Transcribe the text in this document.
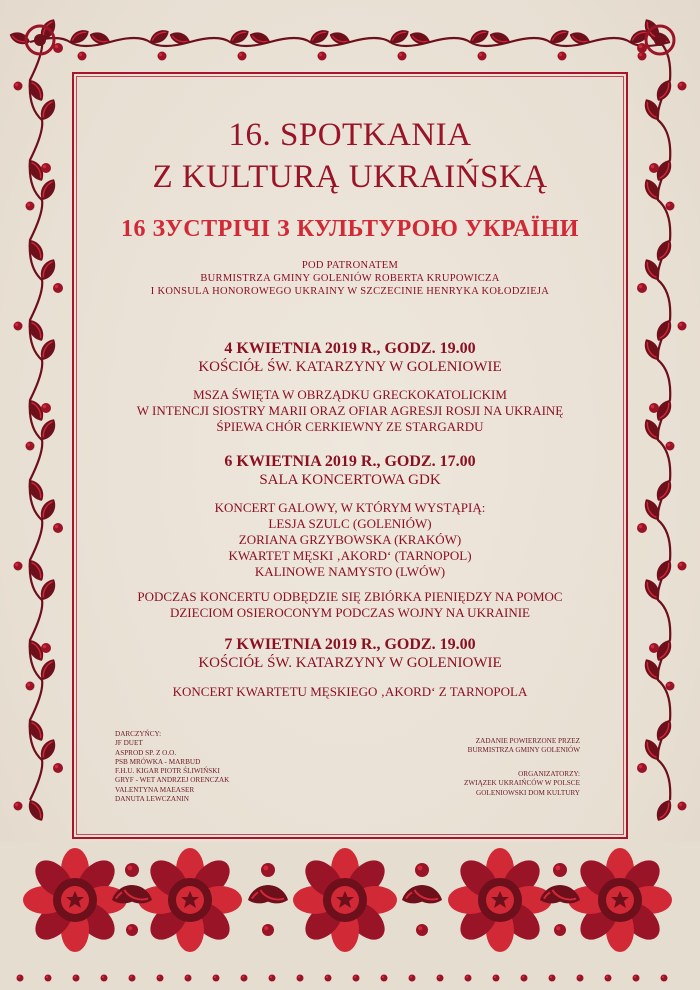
16. SPOTKANIA
Z KULTURĄ UKRAIŃSKĄ
16 ЗУСТРІЧІ З КУЛЬТУРОЮ УКРАЇНИ
POD PATRONATEM
BURMISTRZA GMINY GOLENIÓW ROBERTA KRUPOWICZA
I KONSULA HONOROWEGO UKRAINY W SZCZECINIE HENRYKA KOŁODZIEJA
4 KWIETNIA 2019 R., GODZ. 19.00
KOŚCIÓŁ ŚW. KATARZYNY W GOLENIOWIE
MSZA ŚWIĘTA W OBRZĄDKU GRECKOKATOLICKIM
W INTENCJI SIOSTRY MARII ORAZ OFIAR AGRESJI ROSJI NA UKRAINĘ
ŚPIEWA CHÓR CERKIEWNY ZE STARGARDU
6 KWIETNIA 2019 R., GODZ. 17.00
SALA KONCERTOWA GDK
KONCERT GALOWY, W KTÓRYM WYSTĄPIĄ:
LESJA SZULC (GOLENIÓW)
ZORIANA GRZYBOWSKA (KRAKÓW)
KWARTET MĘSKI ‚AKORD‘ (TARNOPOL)
KALINOWE NAMYSTO (LWÓW)
PODCZAS KONCERTU ODBĘDZIE SIĘ ZBIÓRKA PIENIĘDZY NA POMOC
DZIECIOM OSIEROCONYM PODCZAS WOJNY NA UKRAINIE
7 KWIETNIA 2019 R., GODZ. 19.00
KOŚCIÓŁ ŚW. KATARZYNY W GOLENIOWIE
KONCERT KWARTETU MĘSKIEGO ‚AKORD‘ Z TARNOPOLA
DARCZYŃCY:
JF DUET
ASPROD SP. Z O.O.
PSB MRÓWKA - MARBUD
F.H.U. KIGAR PIOTR ŚLIWIŃSKI
GRYF - WET ANDRZEJ ORENCZAK
VALENTYNA MAEASER
DANUTA LEWCZANIN
ZADANIE POWIERZONE PRZEZ
BURMISTRZA GMINY GOLENIÓW
ORGANIZATORZY:
ZWIĄZEK UKRAIŃCÓW W POLSCE
GOLENIOWSKI DOM KULTURY
